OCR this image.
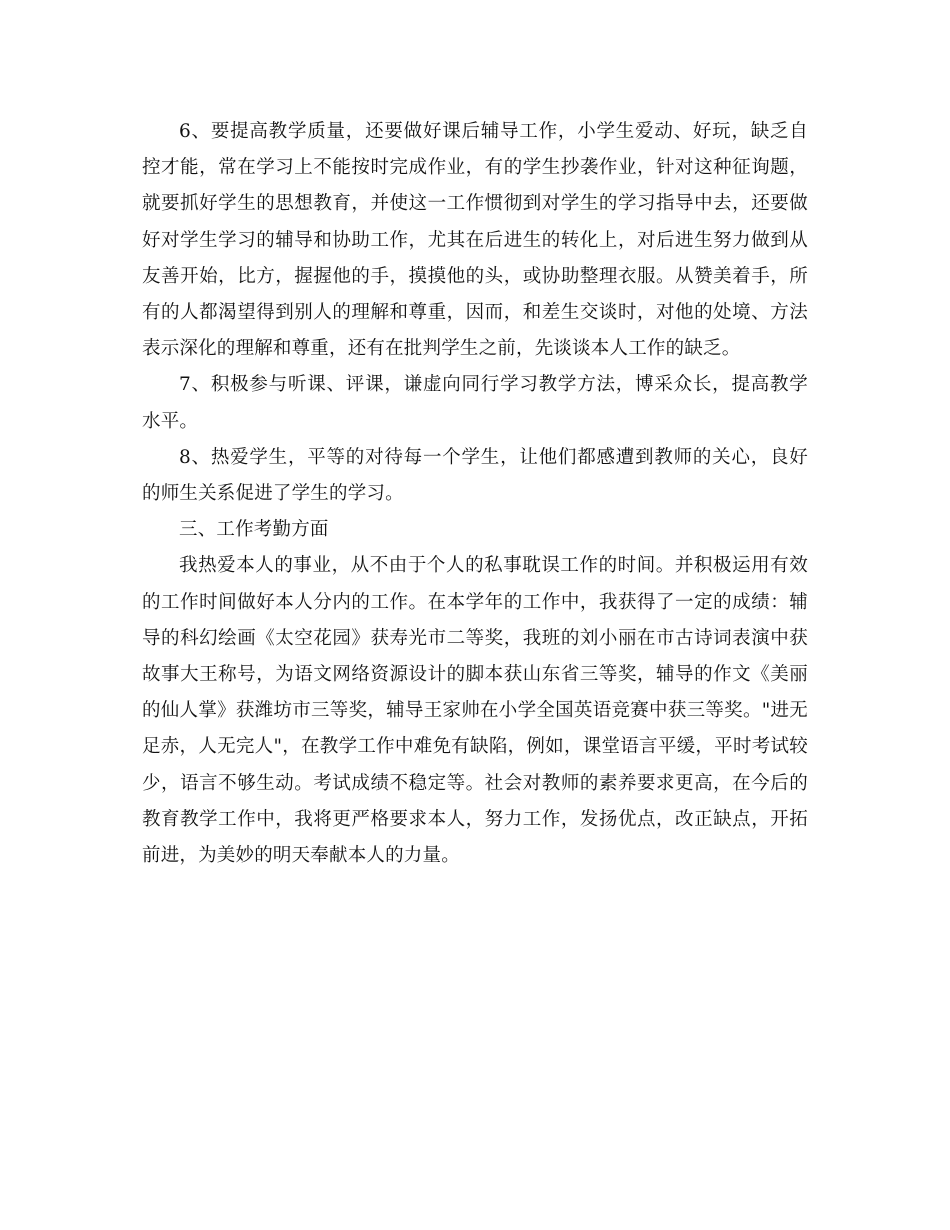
6、要提高教学质量，还要做好课后辅导工作，小学生爱动、好玩，缺乏自控才能，常在学习上不能按时完成作业，有的学生抄袭作业，针对这种征询题，就要抓好学生的思想教育，并使这一工作惯彻到对学生的学习指导中去，还要做好对学生学习的辅导和协助工作，尤其在后进生的转化上，对后进生努力做到从友善开始，比方，握握他的手，摸摸他的头，或协助整理衣服。从赞美着手，所有的人都渴望得到别人的理解和尊重，因而，和差生交谈时，对他的处境、方法表示深化的理解和尊重，还有在批判学生之前，先谈谈本人工作的缺乏。

7、积极参与听课、评课，谦虚向同行学习教学方法，博采众长，提高教学水平。

8、热爱学生，平等的对待每一个学生，让他们都感遭到教师的关心，良好的师生关系促进了学生的学习。

三、工作考勤方面

我热爱本人的事业，从不由于个人的私事耽误工作的时间。并积极运用有效的工作时间做好本人分内的工作。在本学年的工作中，我获得了一定的成绩：辅导的科幻绘画《太空花园》获寿光市二等奖，我班的刘小丽在市古诗词表演中获故事大王称号，为语文网络资源设计的脚本获山东省三等奖，辅导的作文《美丽的仙人掌》获潍坊市三等奖，辅导王家帅在小学全国英语竞赛中获三等奖。"进无足赤，人无完人"，在教学工作中难免有缺陷，例如，课堂语言平缓，平时考试较少，语言不够生动。考试成绩不稳定等。社会对教师的素养要求更高，在今后的教育教学工作中，我将更严格要求本人，努力工作，发扬优点，改正缺点，开拓前进，为美妙的明天奉献本人的力量。
